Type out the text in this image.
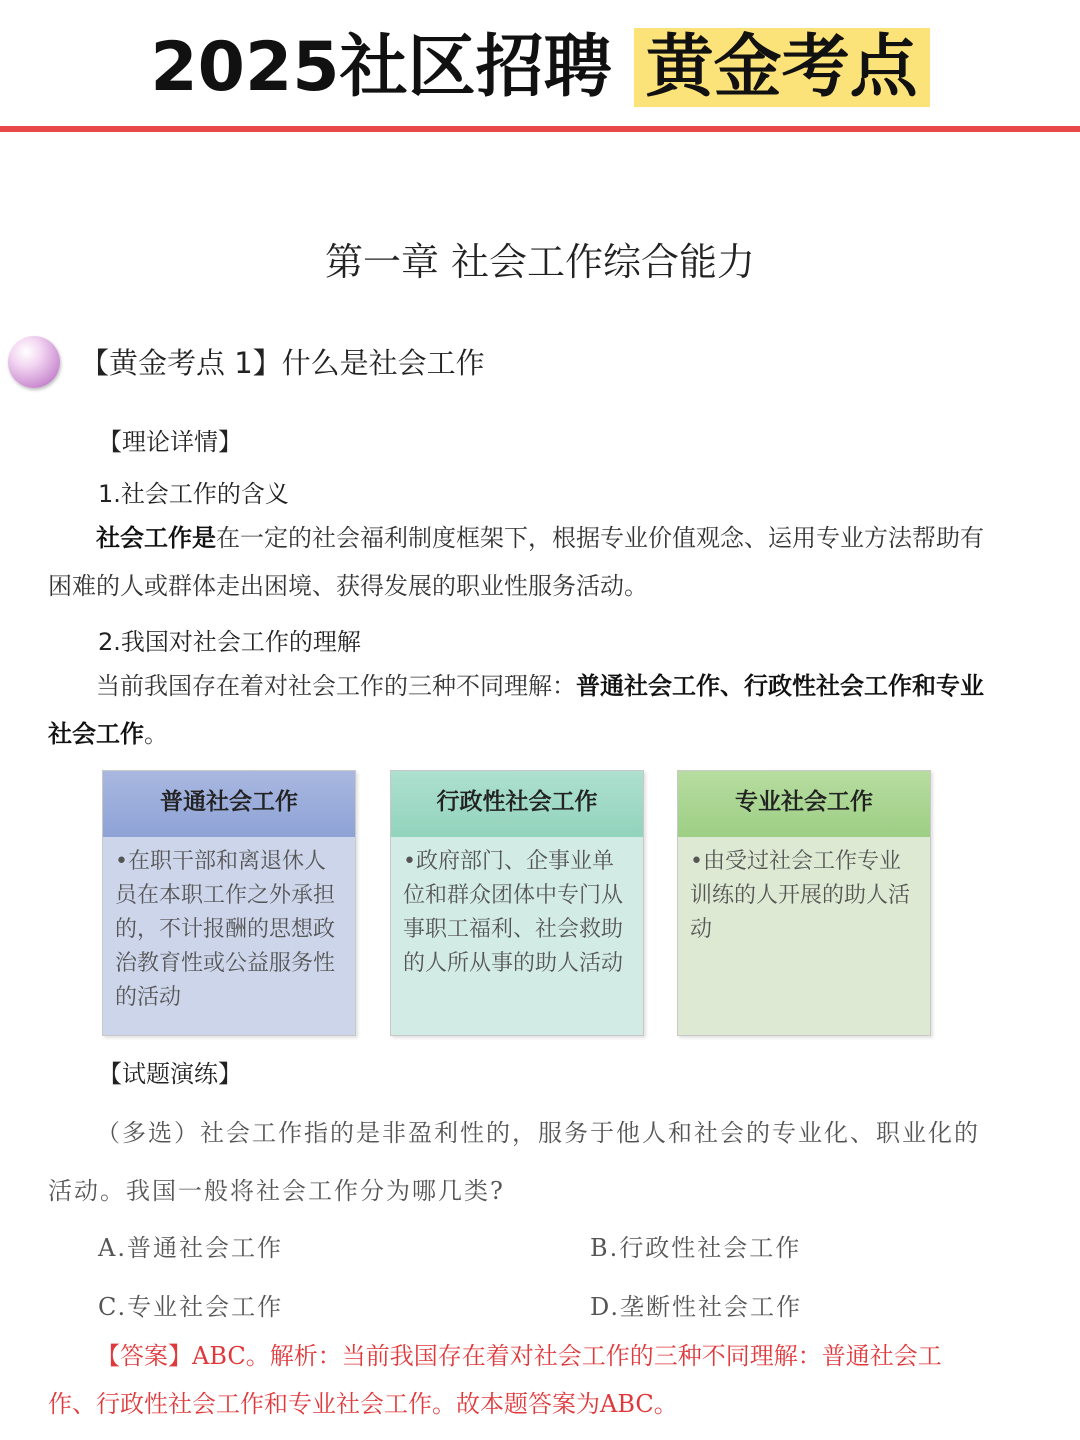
2025社区招聘 黄金考点
第一章 社会工作综合能力
【黄金考点 1】什么是社会工作
【理论详情】
1.社会工作的含义
社会工作是在一定的社会福利制度框架下，根据专业价值观念、运用专业方法帮助有困难的人或群体走出困境、获得发展的职业性服务活动。
2.我国对社会工作的理解
当前我国存在着对社会工作的三种不同理解：普通社会工作、行政性社会工作和专业社会工作。
普通社会工作
•在职干部和离退休人员在本职工作之外承担的，不计报酬的思想政治教育性或公益服务性的活动
行政性社会工作
•政府部门、企事业单位和群众团体中专门从事职工福利、社会救助的人所从事的助人活动
专业社会工作
•由受过社会工作专业训练的人开展的助人活动
【试题演练】
（多选）社会工作指的是非盈利性的，服务于他人和社会的专业化、职业化的活动。我国一般将社会工作分为哪几类?
A.普通社会工作	B.行政性社会工作
C.专业社会工作	D.垄断性社会工作
【答案】ABC。解析：当前我国存在着对社会工作的三种不同理解：普通社会工作、行政性社会工作和专业社会工作。故本题答案为ABC。
